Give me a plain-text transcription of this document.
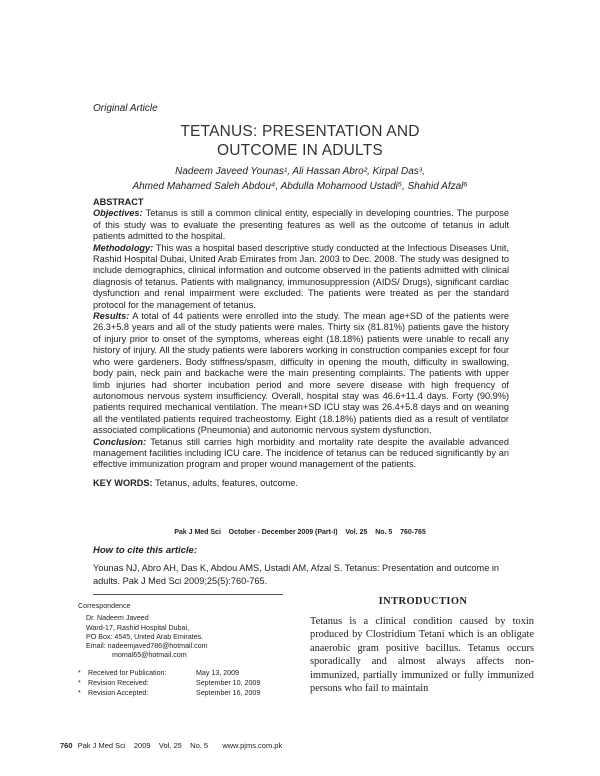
Original Article
TETANUS: PRESENTATION AND
OUTCOME IN ADULTS
Nadeem Javeed Younas¹, Ali Hassan Abro², Kirpal Das³,
Ahmed Mahamed Saleh Abdou⁴, Abdulla Mohamood Ustadi⁵, Shahid Afzal⁶

ABSTRACT

Objectives: Tetanus is still a common clinical entity, especially in developing countries. The purpose of this study was to evaluate the presenting features as well as the outcome of tetanus in adult patients admitted to the hospital.

Methodology: This was a hospital based descriptive study conducted at the Infectious Diseases Unit, Rashid Hospital Dubai, United Arab Emirates from Jan. 2003 to Dec. 2008. The study was designed to include demographics, clinical information and outcome observed in the patients admitted with clinical diagnosis of tetanus. Patients with malignancy, immunosuppression (AIDS/ Drugs), significant cardiac dysfunction and renal impairment were excluded. The patients were treated as per the standard protocol for the management of tetanus.

Results: A total of 44 patients were enrolled into the study. The mean age+SD of the patients were 26.3+5.8 years and all of the study patients were males. Thirty six (81.81%) patients gave the history of injury prior to onset of the symptoms, whereas eight (18.18%) patients were unable to recall any history of injury. All the study patients were laborers working in construction companies except for four who were gardeners. Body stiffness/spasm, difficulty in opening the mouth, difficulty in swallowing, body pain, neck pain and backache were the main presenting complaints. The patients with upper limb injuries had shorter incubation period and more severe disease with high frequency of autonomous nervous system insufficiency. Overall, hospital stay was 46.6+11.4 days. Forty (90.9%) patients required mechanical ventilation. The mean+SD ICU stay was 26.4+5.8 days and on weaning all the ventilated patients required tracheostomy. Eight (18.18%) patients died as a result of ventilator associated complications (Pneumonia) and autonomic nervous system dysfunction.

Conclusion: Tetanus still carries high morbidity and mortality rate despite the available advanced management facilities including ICU care. The incidence of tetanus can be reduced significantly by an effective immunization program and proper wound management of the patients.

KEY WORDS: Tetanus, adults, features, outcome.

Pak J Med Sci    October - December 2009 (Part-I)    Vol. 25    No. 5    760-765
How to cite this article:
Younas NJ, Abro AH, Das K, Abdou AMS, Ustadi AM, Afzal S. Tetanus: Presentation and outcome in adults. Pak J Med Sci 2009;25(5):760-765.
Correspondence
Dr. Nadeem Javeed
Ward-17, Rashid Hospital Dubai,
PO Box: 4545, United Arab Emirates.
Email: nadeemjaved786@hotmail.com
momal65@hotmail.com
*	Received for Publication:	May 13, 2009
*	Revision Received:	September 10, 2009
*	Revision Accepted:	September 16, 2009
INTRODUCTION
Tetanus is a clinical condition caused by toxin produced by Clostridium Tetani which is an obligate anaerobic gram positive bacillus. Tetanus occurs sporadically and almost always affects non-immunized, partially immunized or fully immunized persons who fail to maintain
760 Pak J Med Sci    2009    Vol. 25    No. 5 www.pjms.com.pk
